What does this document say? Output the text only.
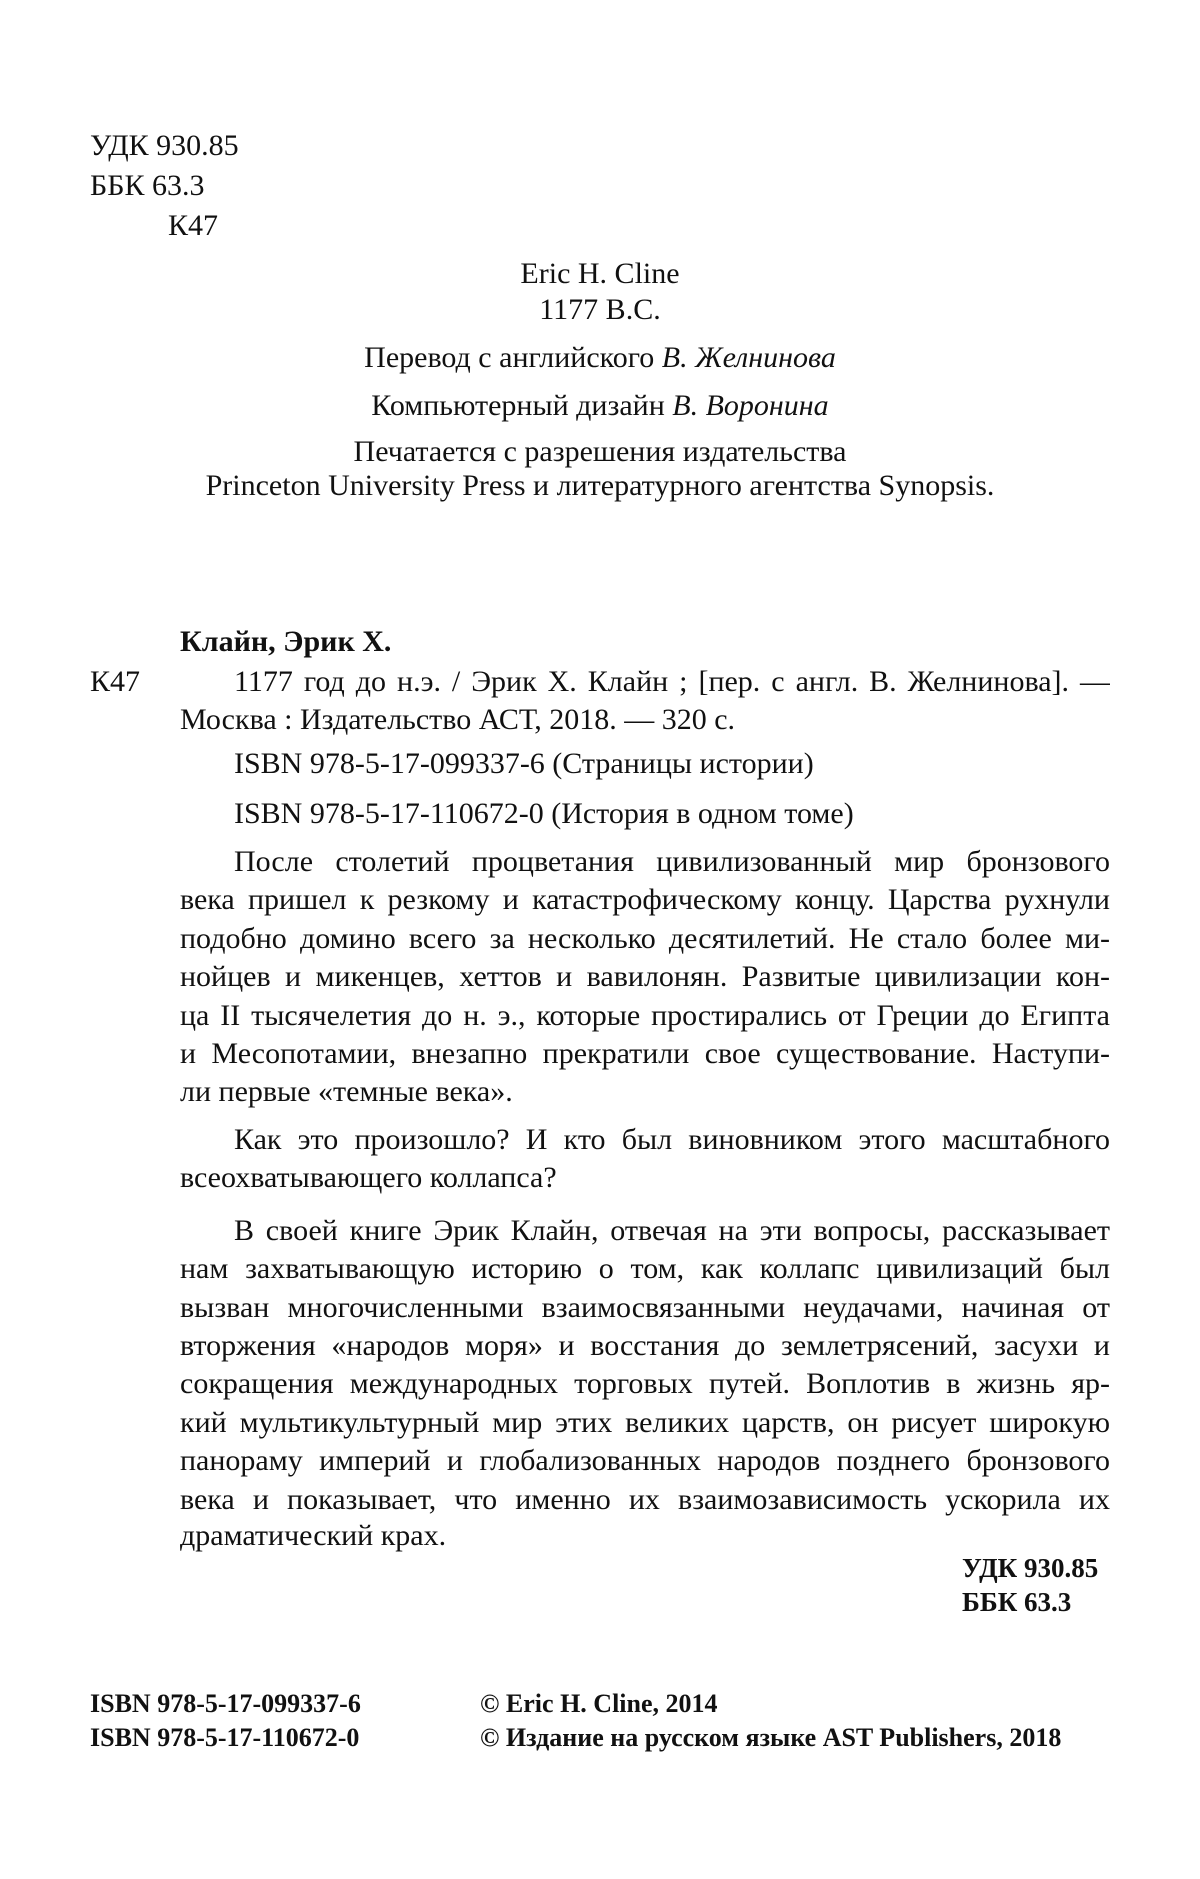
УДК 930.85
ББК 63.3
К47
Eric H. Cline
1177 B.C.
Перевод с английского В. Желнинова
Компьютерный дизайн В. Воронина
Печатается с разрешения издательства
Princeton University Press и литературного агентства Synopsis.
Клайн, Эрик Х.
К47	1177 год до н.э. / Эрик Х. Клайн ; [пер. с англ. В. Желнинова]. —
Москва : Издательство АСТ, 2018. — 320 с.
ISBN 978-5-17-099337-6 (Страницы истории)
ISBN 978-5-17-110672-0 (История в одном томе)
После столетий процветания цивилизованный мир бронзового
века пришел к резкому и катастрофическому концу. Царства рухнули
подобно домино всего за несколько десятилетий. Не стало более ми-
нойцев и микенцев, хеттов и вавилонян. Развитые цивилизации кон-
ца II тысячелетия до н. э., которые простирались от Греции до Египта
и Месопотамии, внезапно прекратили свое существование. Наступи-
ли первые «темные века».
Как это произошло? И кто был виновником этого масштабного
всеохватывающего коллапса?
В своей книге Эрик Клайн, отвечая на эти вопросы, рассказывает
нам захватывающую историю о том, как коллапс цивилизаций был
вызван многочисленными взаимосвязанными неудачами, начиная от
вторжения «народов моря» и восстания до землетрясений, засухи и
сокращения международных торговых путей. Воплотив в жизнь яр-
кий мультикультурный мир этих великих царств, он рисует широкую
панораму империй и глобализованных народов позднего бронзового
века и показывает, что именно их взаимозависимость ускорила их
драматический крах.
УДК 930.85
ББК 63.3
ISBN 978-5-17-099337-6
ISBN 978-5-17-110672-0
© Eric H. Cline, 2014
© Издание на русском языке AST Publishers, 2018
